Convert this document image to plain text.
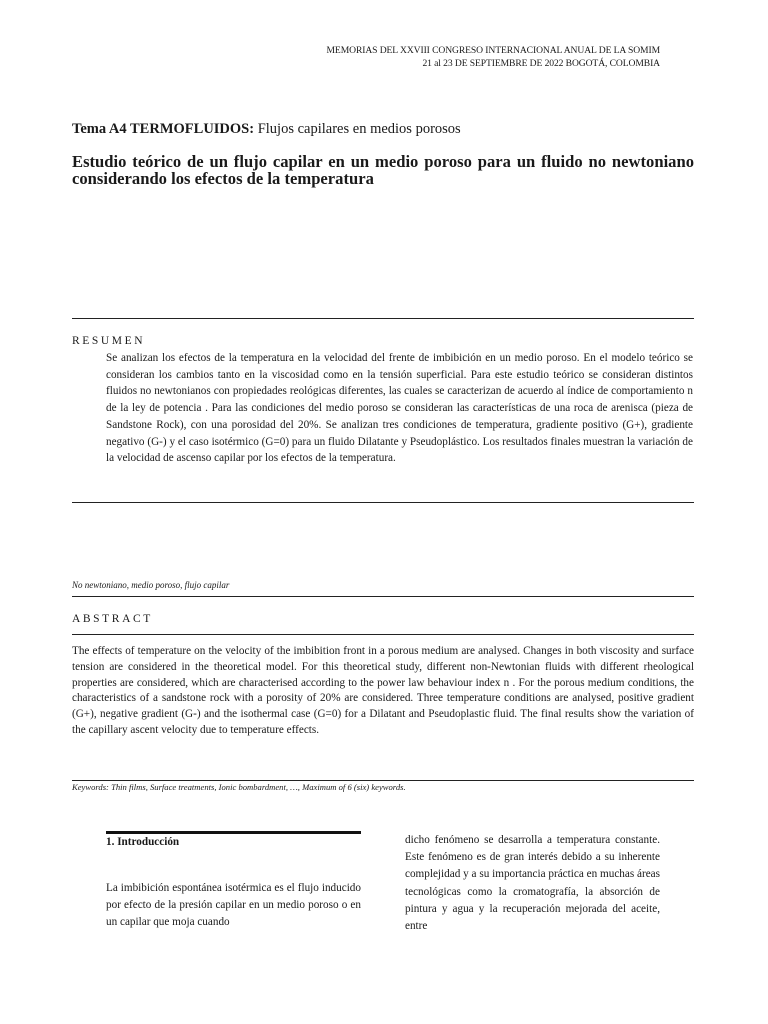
MEMORIAS DEL XXVIII CONGRESO INTERNACIONAL ANUAL DE LA SOMIM
21 al 23 DE SEPTIEMBRE DE 2022 BOGOTÁ, COLOMBIA
Tema A4 TERMOFLUIDOS: Flujos capilares en medios porosos
Estudio teórico de un flujo capilar en un medio poroso para un fluido no newtoniano considerando los efectos de la temperatura
RESUMEN
Se analizan los efectos de la temperatura en la velocidad del frente de imbibición en un medio poroso. En el modelo teórico se consideran los cambios tanto en la viscosidad como en la tensión superficial. Para este estudio teórico se consideran distintos fluidos no newtonianos con propiedades reológicas diferentes, las cuales se caracterizan de acuerdo al índice de comportamiento n de la ley de potencia . Para las condiciones del medio poroso se consideran las características de una roca de arenisca (pieza de Sandstone Rock), con una porosidad del 20%. Se analizan tres condiciones de temperatura, gradiente positivo (G+), gradiente negativo (G-) y el caso isotérmico (G=0) para un fluido Dilatante y Pseudoplástico. Los resultados finales muestran la variación de la velocidad de ascenso capilar por los efectos de la temperatura.
No newtoniano, medio poroso, flujo capilar
ABSTRACT
The effects of temperature on the velocity of the imbibition front in a porous medium are analysed. Changes in both viscosity and surface tension are considered in the theoretical model. For this theoretical study, different non-Newtonian fluids with different rheological properties are considered, which are characterised according to the power law behaviour index n . For the porous medium conditions, the characteristics of a sandstone rock with a porosity of 20% are considered. Three temperature conditions are analysed, positive gradient (G+), negative gradient (G-) and the isothermal case (G=0) for a Dilatant and Pseudoplastic fluid. The final results show the variation of the capillary ascent velocity due to temperature effects.
Keywords: Thin films, Surface treatments, Ionic bombardment, …, Maximum of 6 (six) keywords.
1. Introducción
La imbibición espontánea isotérmica es el flujo inducido por efecto de la presión capilar en un medio poroso o en un capilar que moja cuando
dicho fenómeno se desarrolla a temperatura constante. Este fenómeno es de gran interés debido a su inherente complejidad y a su importancia práctica en muchas áreas tecnológicas como la cromatografía, la absorción de pintura y agua y la recuperación mejorada del aceite, entre
